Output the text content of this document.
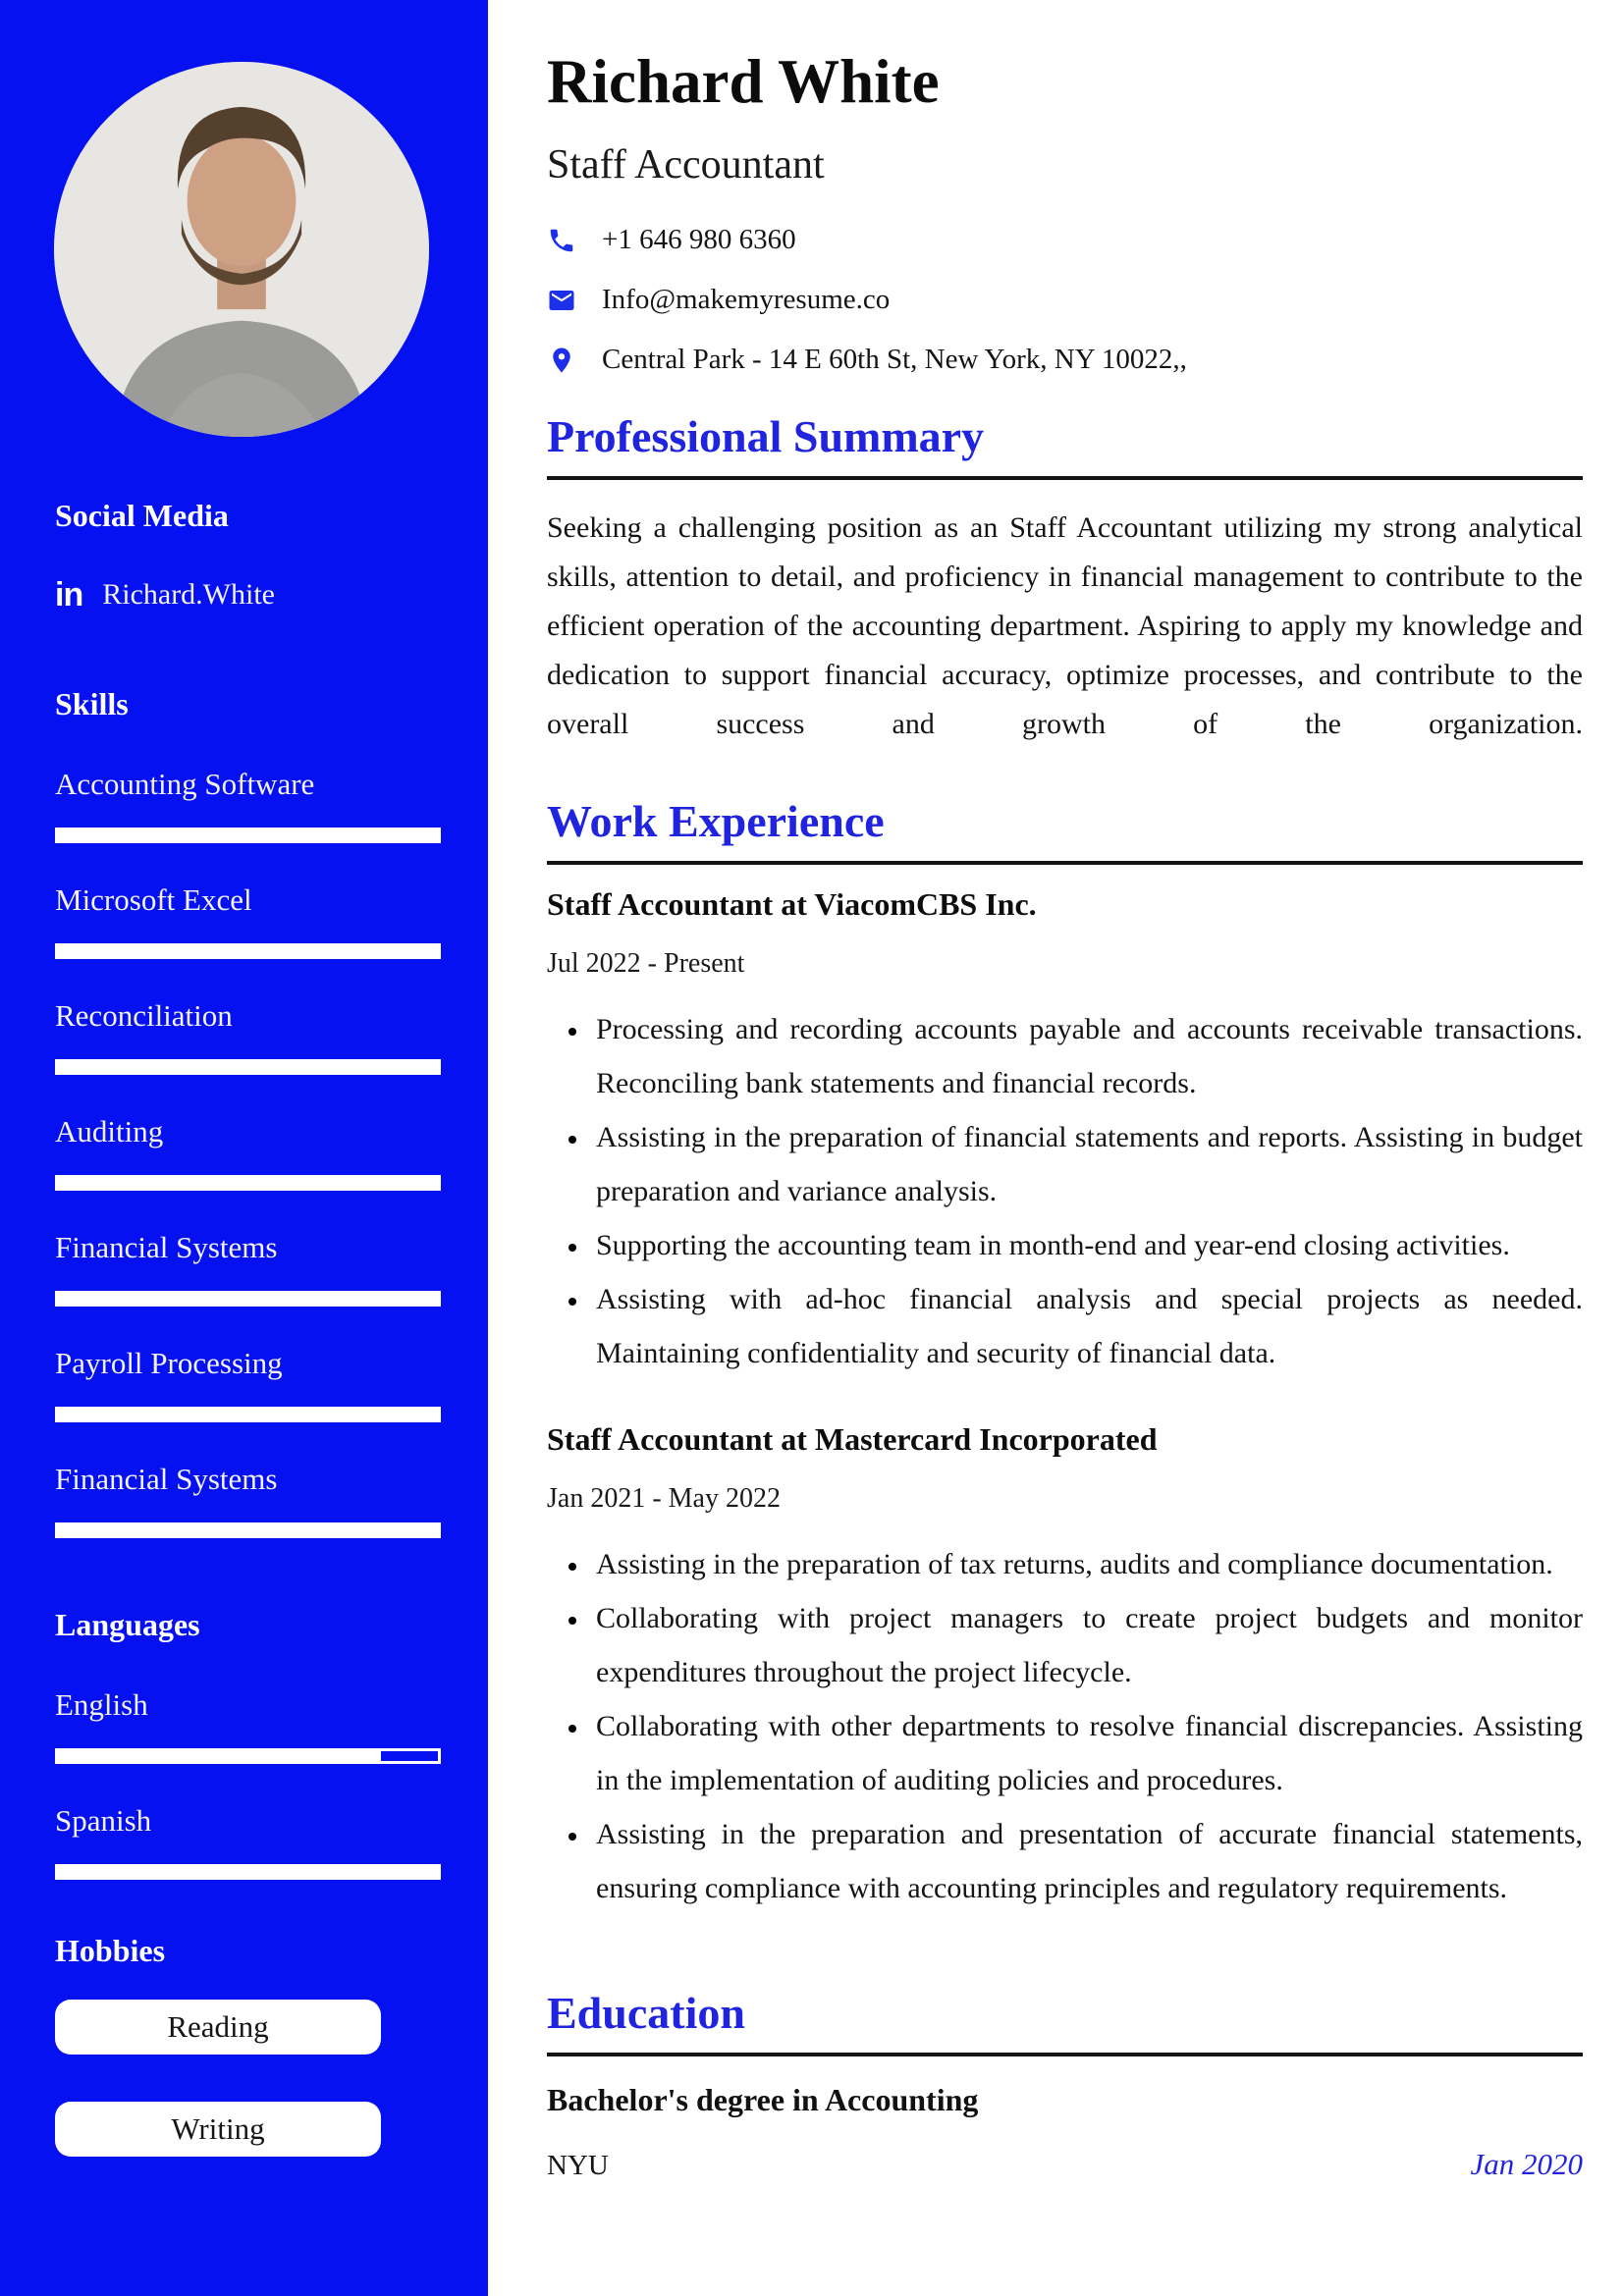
Social Media
in Richard.White
Skills
Accounting Software
Microsoft Excel
Reconciliation
Auditing
Financial Systems
Payroll Processing
Financial Systems
Languages
English
Spanish
Hobbies
Reading
Writing
Richard White
Staff Accountant
+1 646 980 6360
Info@makemyresume.co
Central Park - 14 E 60th St, New York, NY 10022,,
Professional Summary

Seeking a challenging position as an Staff Accountant utilizing my strong analytical skills, attention to detail, and proficiency in financial management to contribute to the efficient operation of the accounting department. Aspiring to apply my knowledge and dedication to support financial accuracy, optimize processes, and contribute to the overall success and growth of the organization.

Work Experience
Staff Accountant at ViacomCBS Inc.
Jul 2022 - Present
• Processing and recording accounts payable and accounts receivable transactions. Reconciling bank statements and financial records.
• Assisting in the preparation of financial statements and reports. Assisting in budget preparation and variance analysis.
• Supporting the accounting team in month-end and year-end closing activities.
• Assisting with ad-hoc financial analysis and special projects as needed. Maintaining confidentiality and security of financial data.
Staff Accountant at Mastercard Incorporated
Jan 2021 - May 2022
• Assisting in the preparation of tax returns, audits and compliance documentation.
• Collaborating with project managers to create project budgets and monitor expenditures throughout the project lifecycle.
• Collaborating with other departments to resolve financial discrepancies. Assisting in the implementation of auditing policies and procedures.
• Assisting in the preparation and presentation of accurate financial statements, ensuring compliance with accounting principles and regulatory requirements.
Education
Bachelor's degree in Accounting
NYU	Jan 2020
